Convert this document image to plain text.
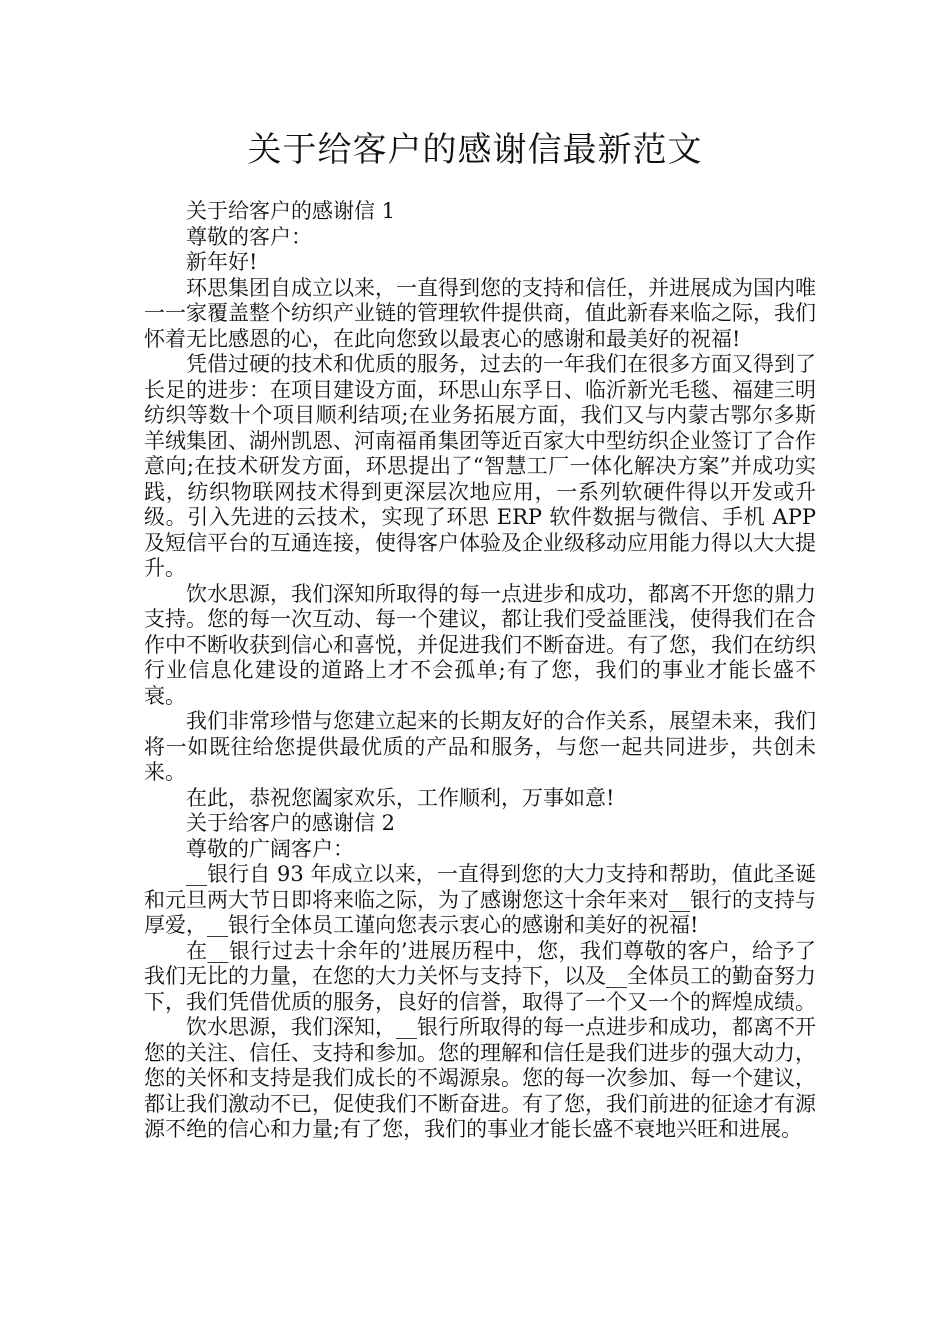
关于给客户的感谢信最新范文

关于给客户的感谢信 1

尊敬的客户：

新年好!

环思集团自成立以来，一直得到您的支持和信任，并进展成为国内唯一一家覆盖整个纺织产业链的管理软件提供商，值此新春来临之际，我们怀着无比感恩的心，在此向您致以最衷心的感谢和最美好的祝福!

凭借过硬的技术和优质的服务，过去的一年我们在很多方面又得到了长足的进步：在项目建设方面，环思山东孚日、临沂新光毛毯、福建三明纺织等数十个项目顺利结项;在业务拓展方面，我们又与内蒙古鄂尔多斯羊绒集团、湖州凯恩、河南福甬集团等近百家大中型纺织企业签订了合作意向;在技术研发方面，环思提出了“智慧工厂一体化解决方案”并成功实践，纺织物联网技术得到更深层次地应用，一系列软硬件得以开发或升级。引入先进的云技术，实现了环思 ERP 软件数据与微信、手机 APP 及短信平台的互通连接，使得客户体验及企业级移动应用能力得以大大提升。

饮水思源，我们深知所取得的每一点进步和成功，都离不开您的鼎力支持。您的每一次互动、每一个建议，都让我们受益匪浅，使得我们在合作中不断收获到信心和喜悦，并促进我们不断奋进。有了您，我们在纺织行业信息化建设的道路上才不会孤单;有了您，我们的事业才能长盛不衰。

我们非常珍惜与您建立起来的长期友好的合作关系，展望未来，我们将一如既往给您提供最优质的产品和服务，与您一起共同进步，共创未来。

在此，恭祝您阖家欢乐，工作顺利，万事如意!

关于给客户的感谢信 2

尊敬的广阔客户：

__银行自 93 年成立以来，一直得到您的大力支持和帮助，值此圣诞和元旦两大节日即将来临之际，为了感谢您这十余年来对__银行的支持与厚爱，__银行全体员工谨向您表示衷心的感谢和美好的祝福!

在__银行过去十余年的’进展历程中，您，我们尊敬的客户，给予了我们无比的力量，在您的大力关怀与支持下，以及__全体员工的勤奋努力下，我们凭借优质的服务，良好的信誉，取得了一个又一个的辉煌成绩。

饮水思源，我们深知，__银行所取得的每一点进步和成功，都离不开您的关注、信任、支持和参加。您的理解和信任是我们进步的强大动力，您的关怀和支持是我们成长的不竭源泉。您的每一次参加、每一个建议，都让我们激动不已，促使我们不断奋进。有了您，我们前进的征途才有源源不绝的信心和力量;有了您，我们的事业才能长盛不衰地兴旺和进展。
